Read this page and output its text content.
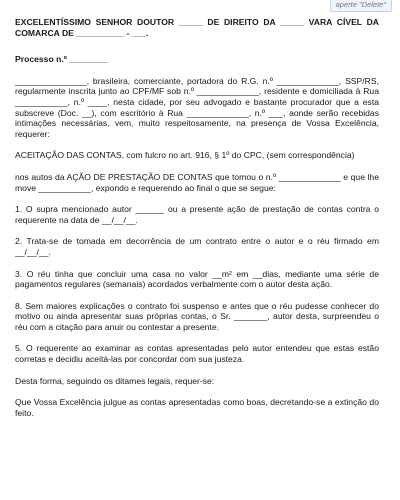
aperte "Delete"
EXCELENTÍSSIMO SENHOR DOUTOR _____ DE DIREITO DA _____ VARA CÍVEL DA COMARCA DE __________ - ___.
Processo n.º ________

_______________, brasileira, comerciante, portadora do R.G. n.º _____________, SSP/RS, regularmente inscrita junto ao CPF/MF sob n.º _____________, residente e domiciliada à Rua ___________, n.º ____, nesta cidade, por seu advogado e bastante procurador que a esta subscreve (Doc. __), com escritório à Rua _____________, n.º ___, aonde serão recebidas intimações necessárias, vem, muito respeitosamente, na presença de Vossa Excelência, requerer:

ACEITAÇÃO DAS CONTAS, com fulcro no art. 916, § 1º do CPC, (sem correspondência)

nos autos da AÇÃO DE PRESTAÇÃO DE CONTAS que tomou o n.º _____________ e que lhe move ___________, expondo e requerendo ao final o que se segue:

1. O supra mencionado autor ______ ou a presente ação de prestação de contas contra o requerente na data de __/__/__.

2. Trata-se de tomada em decorrência de um contrato entre o autor e o réu firmado em __/__/__.

3. O réu tinha que concluir uma casa no valor __m² em __dias, mediante uma série de pagamentos regulares (semanais) acordados verbalmente com o autor desta ação.

8. Sem maiores explicações o contrato foi suspenso e antes que o réu pudesse conhecer do motivo ou ainda apresentar suas próprias contas, o Sr. _______, autor desta, surpreendeu o réu com a citação para anuir ou contestar a presente.

5. O requerente ao examinar as contas apresentadas pelo autor entendeu que estas estão corretas e decidiu aceitá-las por concordar com sua justeza.

Desta forma, seguindo os ditames legais, requer-se:

Que Vossa Excelência julgue as contas apresentadas como boas, decretando-se a extinção do feito.
